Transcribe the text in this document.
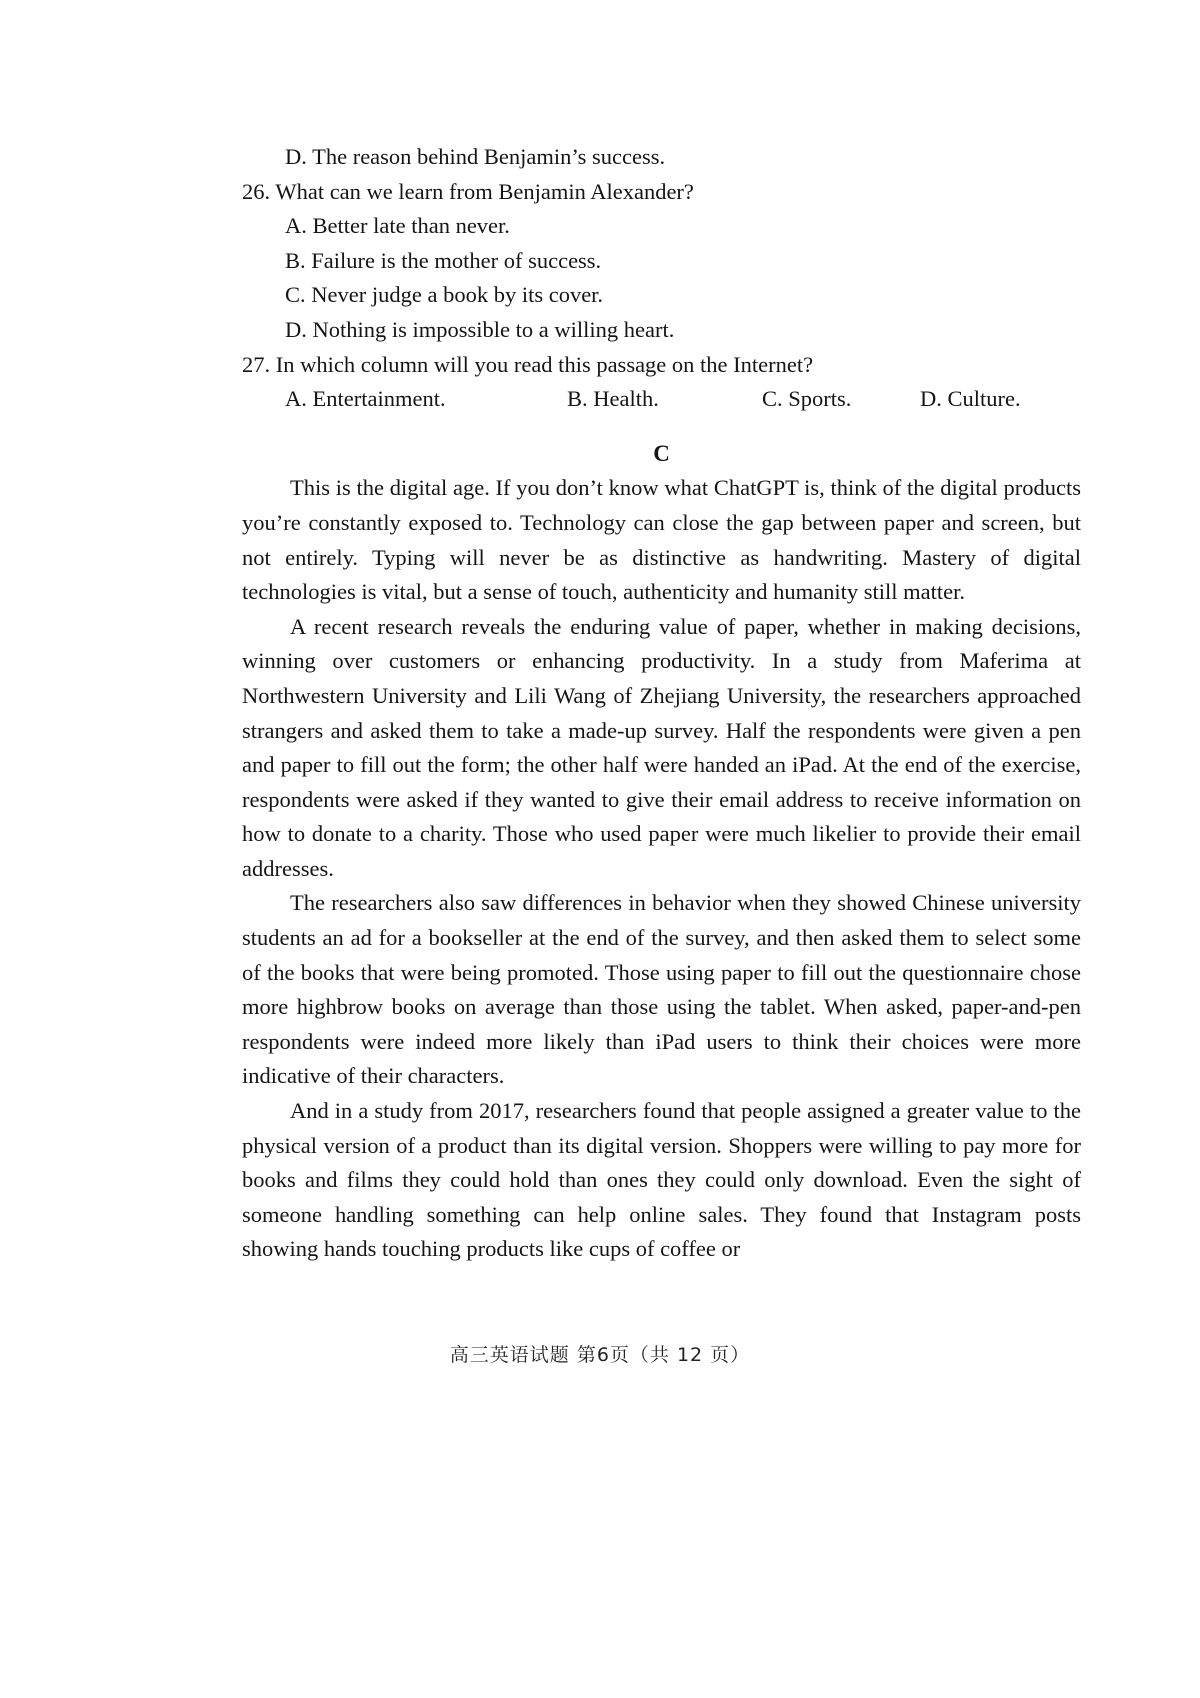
D. The reason behind Benjamin’s success.
26. What can we learn from Benjamin Alexander?
A. Better late than never.
B. Failure is the mother of success.
C. Never judge a book by its cover.
D. Nothing is impossible to a willing heart.
27. In which column will you read this passage on the Internet?
A. Entertainment.	B. Health.	C. Sports.	D. Culture.
C

This is the digital age. If you don’t know what ChatGPT is, think of the digital products you’re constantly exposed to. Technology can close the gap between paper and screen, but not entirely. Typing will never be as distinctive as handwriting. Mastery of digital technologies is vital, but a sense of touch, authenticity and humanity still matter.

A recent research reveals the enduring value of paper, whether in making decisions, winning over customers or enhancing productivity. In a study from Maferima at Northwestern University and Lili Wang of Zhejiang University, the researchers approached strangers and asked them to take a made-up survey. Half the respondents were given a pen and paper to fill out the form; the other half were handed an iPad. At the end of the exercise, respondents were asked if they wanted to give their email address to receive information on how to donate to a charity. Those who used paper were much likelier to provide their email addresses.

The researchers also saw differences in behavior when they showed Chinese university students an ad for a bookseller at the end of the survey, and then asked them to select some of the books that were being promoted. Those using paper to fill out the questionnaire chose more highbrow books on average than those using the tablet. When asked, paper-and-pen respondents were indeed more likely than iPad users to think their choices were more indicative of their characters.

And in a study from 2017, researchers found that people assigned a greater value to the physical version of a product than its digital version. Shoppers were willing to pay more for books and films they could hold than ones they could only download. Even the sight of someone handling something can help online sales. They found that Instagram posts showing hands touching products like cups of coffee or

高三英语试题 第6页（共 12 页）
